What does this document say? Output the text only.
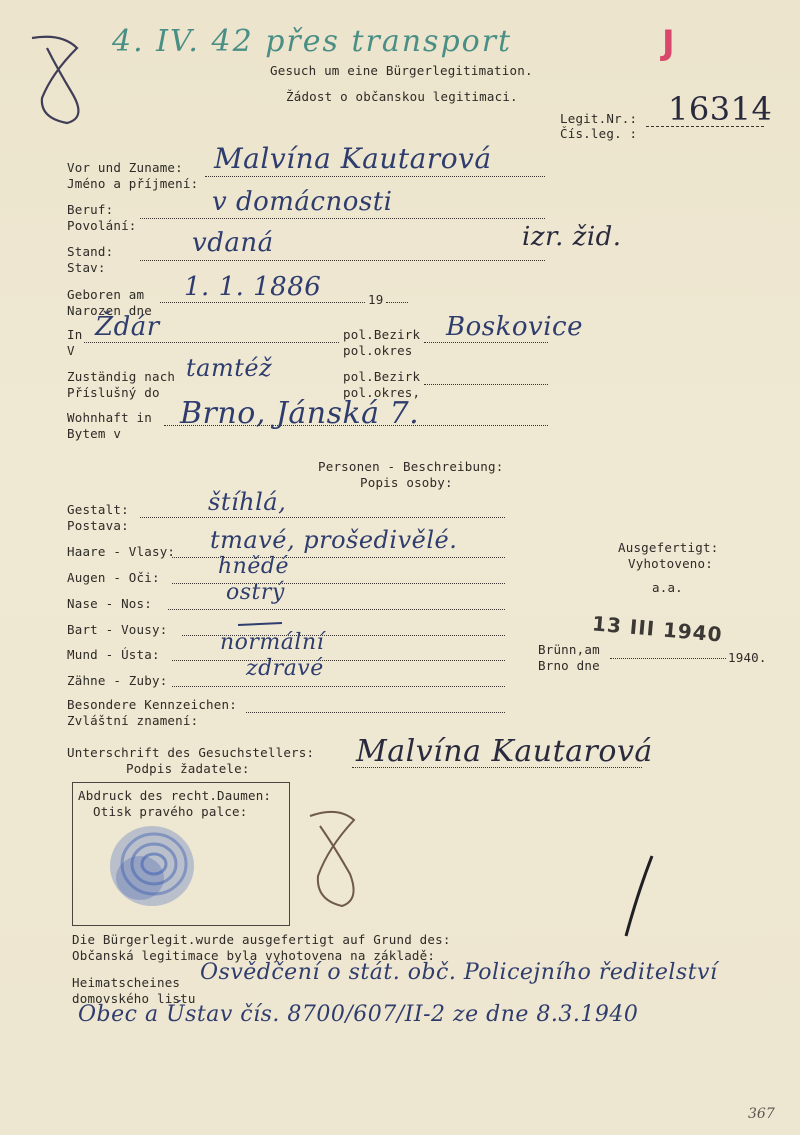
4. IV. 42 přes transport	J
Gesuch um eine Bürgerlegitimation.
Žádost o občanskou legitimaci.
Legit.Nr.:
Čís.leg. :
16314
Vor und Zuname:
Jméno a příjmení:
Malvína Kautarová
Beruf:
Povolání:
v domácnosti
Stand:
Stav:
vdaná	izr. žid.
Geboren am
Narozen dne
1. 1. 1886	19
In
V
Ždár	pol.Bezirk
pol.okres
Boskovice
Zuständig nach
Příslušný do
tamtéž	pol.Bezirk
pol.okres,
Wohnhaft in
Bytem v
Brno, Jánská 7.
Personen - Beschreibung:
Popis osoby:
Gestalt:
Postava:
štíhlá,
Haare - Vlasy: tmavé, prošedivělé.
Augen - Oči:	hnědé
Nase - Nos:	ostrý
Bart - Vousy:
Mund - Ústa:	normální
Zähne - Zuby:	zdravé
Besondere Kennzeichen:
Zvláštní znamení:
Ausgefertigt:
Vyhotoveno:
a.a.
Brünn,am
Brno dne
13 III 1940
1940.
Unterschrift des Gesuchstellers:
Podpis žadatele:	Malvína Kautarová
Abdruck des recht.Daumen:
Otisk pravého palce:
Die Bürgerlegit.wurde ausgefertigt auf Grund des:
Občanská legitimace byla vyhotovena na základě:
Heimatscheines
domovského listu
Osvědčení o stát. obč. Policejního ředitelství
Obec a Ústav čís. 8700/607/II-2 ze dne 8.3.1940
367
